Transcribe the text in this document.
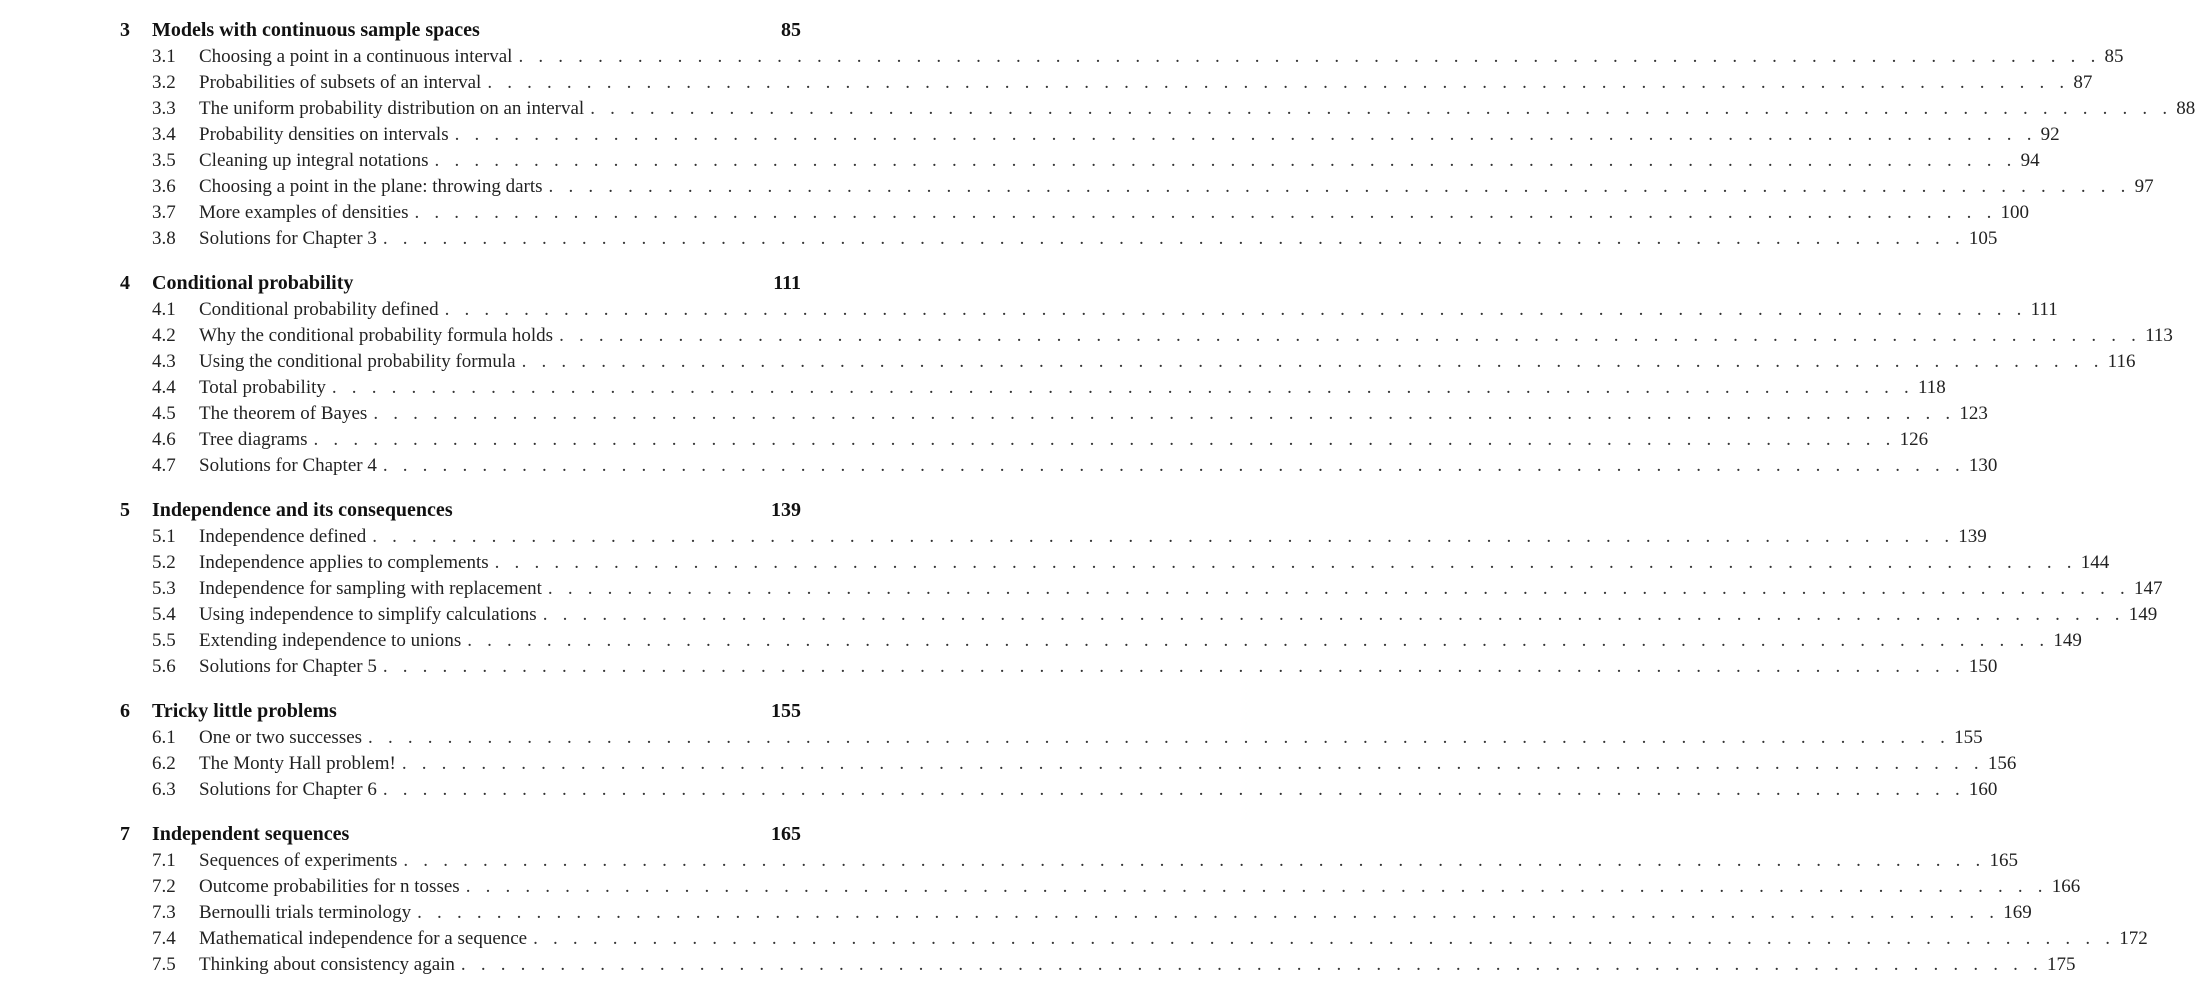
3 Models with continuous sample spaces	85
3.1 Choosing a point in a continuous interval . . . . . . . . . . . . . . . . . . . . . . . . . . . . . . . . . . . . . . . . . . . . . . . . . . . . . . . . . . . . . . . . . . . . . . . . . . . . . . . . 85
3.2 Probabilities of subsets of an interval . . . . . . . . . . . . . . . . . . . . . . . . . . . . . . . . . . . . . . . . . . . . . . . . . . . . . . . . . . . . . . . . . . . . . . . . . . . . . . . . 87
3.3 The uniform probability distribution on an interval . . . . . . . . . . . . . . . . . . . . . . . . . . . . . . . . . . . . . . . . . . . . . . . . . . . . . . . . . . . . . . . . . . . . . . . . . . . . . . . . 88
3.4 Probability densities on intervals . . . . . . . . . . . . . . . . . . . . . . . . . . . . . . . . . . . . . . . . . . . . . . . . . . . . . . . . . . . . . . . . . . . . . . . . . . . . . . . . 92
3.5 Cleaning up integral notations . . . . . . . . . . . . . . . . . . . . . . . . . . . . . . . . . . . . . . . . . . . . . . . . . . . . . . . . . . . . . . . . . . . . . . . . . . . . . . . . 94
3.6 Choosing a point in the plane: throwing darts . . . . . . . . . . . . . . . . . . . . . . . . . . . . . . . . . . . . . . . . . . . . . . . . . . . . . . . . . . . . . . . . . . . . . . . . . . . . . . . . 97
3.7 More examples of densities . . . . . . . . . . . . . . . . . . . . . . . . . . . . . . . . . . . . . . . . . . . . . . . . . . . . . . . . . . . . . . . . . . . . . . . . . . . . . . . . 100
3.8 Solutions for Chapter 3 . . . . . . . . . . . . . . . . . . . . . . . . . . . . . . . . . . . . . . . . . . . . . . . . . . . . . . . . . . . . . . . . . . . . . . . . . . . . . . . . 105
4 Conditional probability	111
4.1 Conditional probability defined . . . . . . . . . . . . . . . . . . . . . . . . . . . . . . . . . . . . . . . . . . . . . . . . . . . . . . . . . . . . . . . . . . . . . . . . . . . . . . . . 111
4.2 Why the conditional probability formula holds . . . . . . . . . . . . . . . . . . . . . . . . . . . . . . . . . . . . . . . . . . . . . . . . . . . . . . . . . . . . . . . . . . . . . . . . . . . . . . . . 113
4.3 Using the conditional probability formula . . . . . . . . . . . . . . . . . . . . . . . . . . . . . . . . . . . . . . . . . . . . . . . . . . . . . . . . . . . . . . . . . . . . . . . . . . . . . . . . 116
4.4 Total probability . . . . . . . . . . . . . . . . . . . . . . . . . . . . . . . . . . . . . . . . . . . . . . . . . . . . . . . . . . . . . . . . . . . . . . . . . . . . . . . . 118
4.5 The theorem of Bayes . . . . . . . . . . . . . . . . . . . . . . . . . . . . . . . . . . . . . . . . . . . . . . . . . . . . . . . . . . . . . . . . . . . . . . . . . . . . . . . . 123
4.6 Tree diagrams . . . . . . . . . . . . . . . . . . . . . . . . . . . . . . . . . . . . . . . . . . . . . . . . . . . . . . . . . . . . . . . . . . . . . . . . . . . . . . . . 126
4.7 Solutions for Chapter 4 . . . . . . . . . . . . . . . . . . . . . . . . . . . . . . . . . . . . . . . . . . . . . . . . . . . . . . . . . . . . . . . . . . . . . . . . . . . . . . . . 130
5 Independence and its consequences	139
5.1 Independence defined . . . . . . . . . . . . . . . . . . . . . . . . . . . . . . . . . . . . . . . . . . . . . . . . . . . . . . . . . . . . . . . . . . . . . . . . . . . . . . . . 139
5.2 Independence applies to complements . . . . . . . . . . . . . . . . . . . . . . . . . . . . . . . . . . . . . . . . . . . . . . . . . . . . . . . . . . . . . . . . . . . . . . . . . . . . . . . . 144
5.3 Independence for sampling with replacement . . . . . . . . . . . . . . . . . . . . . . . . . . . . . . . . . . . . . . . . . . . . . . . . . . . . . . . . . . . . . . . . . . . . . . . . . . . . . . . . 147
5.4 Using independence to simplify calculations . . . . . . . . . . . . . . . . . . . . . . . . . . . . . . . . . . . . . . . . . . . . . . . . . . . . . . . . . . . . . . . . . . . . . . . . . . . . . . . . 149
5.5 Extending independence to unions . . . . . . . . . . . . . . . . . . . . . . . . . . . . . . . . . . . . . . . . . . . . . . . . . . . . . . . . . . . . . . . . . . . . . . . . . . . . . . . . 149
5.6 Solutions for Chapter 5 . . . . . . . . . . . . . . . . . . . . . . . . . . . . . . . . . . . . . . . . . . . . . . . . . . . . . . . . . . . . . . . . . . . . . . . . . . . . . . . . 150
6 Tricky little problems	155
6.1 One or two successes . . . . . . . . . . . . . . . . . . . . . . . . . . . . . . . . . . . . . . . . . . . . . . . . . . . . . . . . . . . . . . . . . . . . . . . . . . . . . . . . 155
6.2 The Monty Hall problem! . . . . . . . . . . . . . . . . . . . . . . . . . . . . . . . . . . . . . . . . . . . . . . . . . . . . . . . . . . . . . . . . . . . . . . . . . . . . . . . . 156
6.3 Solutions for Chapter 6 . . . . . . . . . . . . . . . . . . . . . . . . . . . . . . . . . . . . . . . . . . . . . . . . . . . . . . . . . . . . . . . . . . . . . . . . . . . . . . . . 160
7 Independent sequences	165
7.1 Sequences of experiments . . . . . . . . . . . . . . . . . . . . . . . . . . . . . . . . . . . . . . . . . . . . . . . . . . . . . . . . . . . . . . . . . . . . . . . . . . . . . . . . 165
7.2 Outcome probabilities for n tosses . . . . . . . . . . . . . . . . . . . . . . . . . . . . . . . . . . . . . . . . . . . . . . . . . . . . . . . . . . . . . . . . . . . . . . . . . . . . . . . . 166
7.3 Bernoulli trials terminology . . . . . . . . . . . . . . . . . . . . . . . . . . . . . . . . . . . . . . . . . . . . . . . . . . . . . . . . . . . . . . . . . . . . . . . . . . . . . . . . 169
7.4 Mathematical independence for a sequence . . . . . . . . . . . . . . . . . . . . . . . . . . . . . . . . . . . . . . . . . . . . . . . . . . . . . . . . . . . . . . . . . . . . . . . . . . . . . . . . 172
7.5 Thinking about consistency again . . . . . . . . . . . . . . . . . . . . . . . . . . . . . . . . . . . . . . . . . . . . . . . . . . . . . . . . . . . . . . . . . . . . . . . . . . . . . . . . 175
